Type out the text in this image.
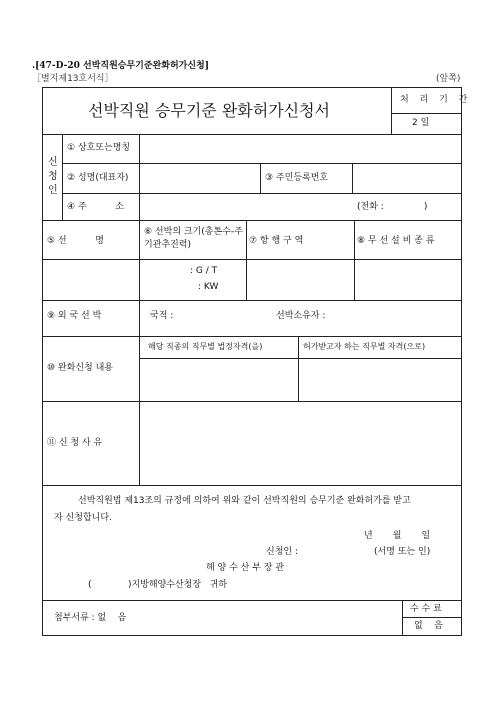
.[47-D-20 선박직원승무기준완화허가신청]
［별지제13호서식］	(앞쪽)
선박직원 승무기준 완화허가신청서
처 리 기 간
2 일
신
청
인
① 상호또는명칭
② 성명(대표자)	③ 주민등록번호
④ 주          소	(전화 :              )
⑤ 선          명
⑥ 선박의 크기(총톤수-주기관추진력)	⑦ 항 행 구 역	⑧ 무 선 설 비 종 류
: G / T
: KW
⑨ 외 국 선 박	국적 :	선박소유자 :
⑩ 완화신청 내용
해당 직종의 직무별 법정자격(을)	허가받고자 하는 직무별 자격(으로)
⑪ 신 청 사 유
선박직원법 제13조의 규정에 의하여 위와 같이 선박직원의 승무기준 완화허가를 받고
자 신청합니다.
년       월       일
신청인 :	(서명 또는 인)
해 양 수 산 부 장 관
(	)지방해양수산청장   귀하
첨부서류 : 없    음
수 수 료
없    음
